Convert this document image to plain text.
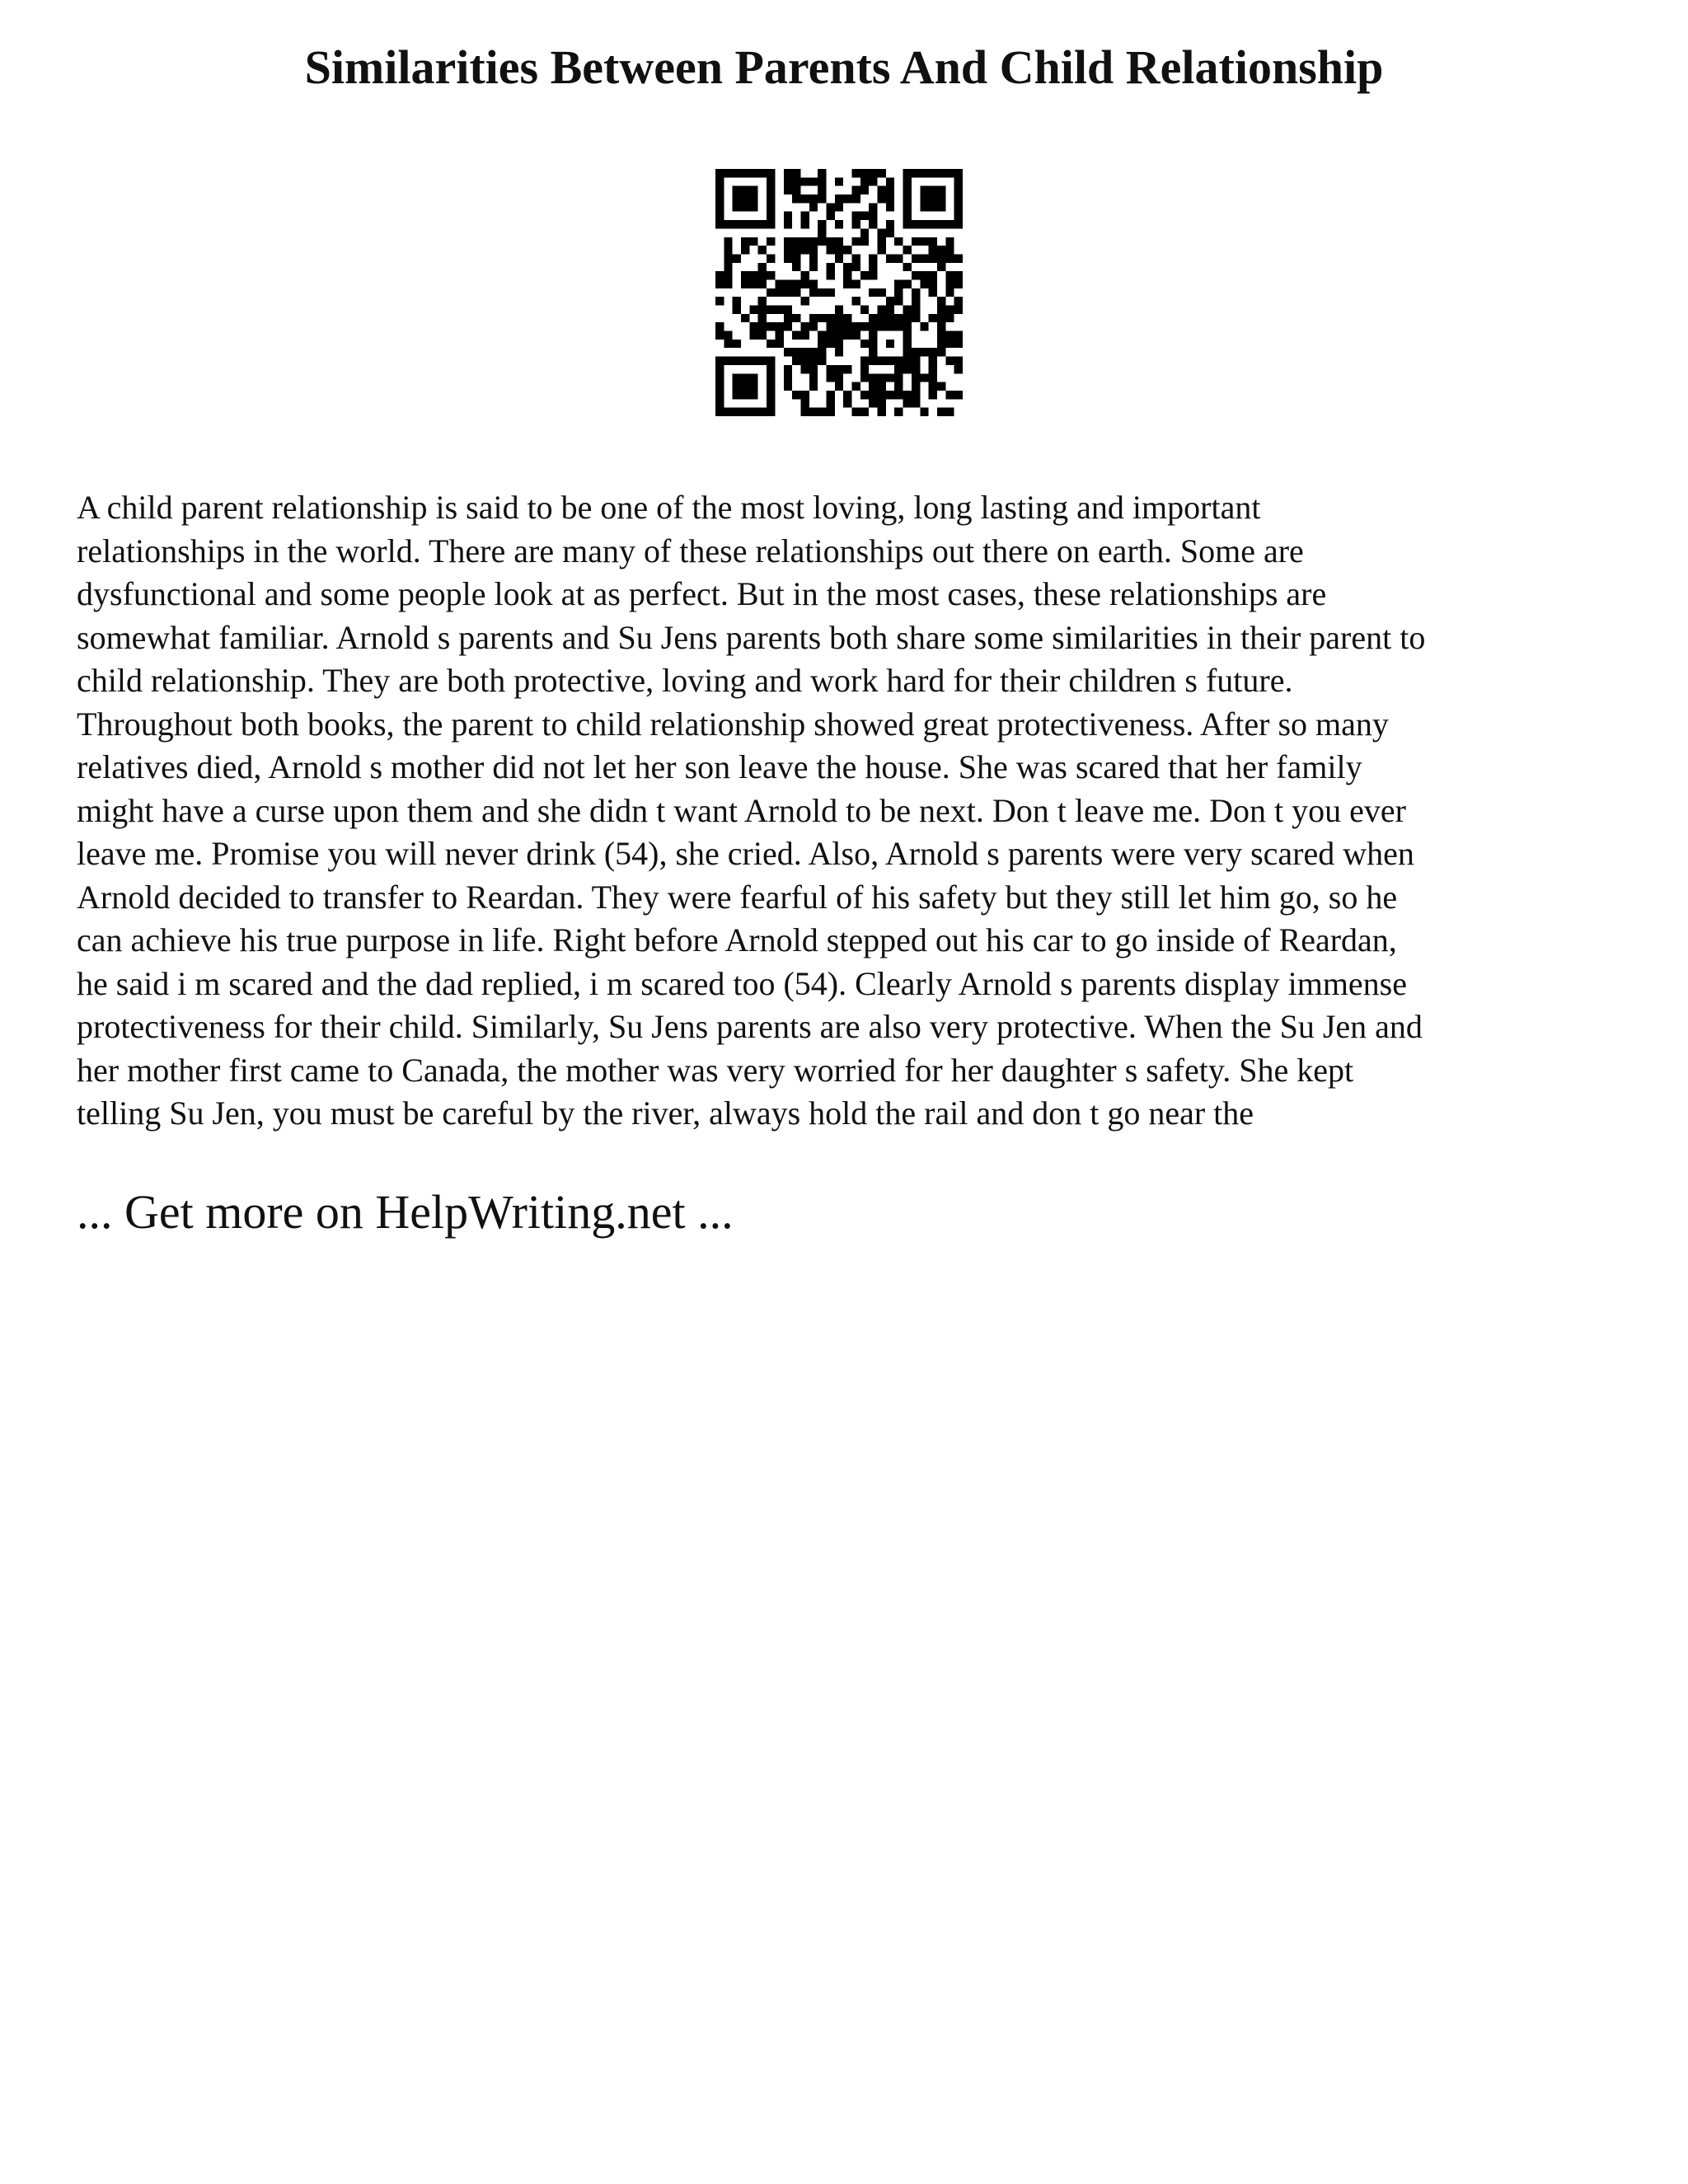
Similarities Between Parents And Child Relationship
A child parent relationship is said to be one of the most loving, long lasting and important
relationships in the world. There are many of these relationships out there on earth. Some are
dysfunctional and some people look at as perfect. But in the most cases, these relationships are
somewhat familiar. Arnold s parents and Su Jens parents both share some similarities in their parent to
child relationship. They are both protective, loving and work hard for their children s future.
Throughout both books, the parent to child relationship showed great protectiveness. After so many
relatives died, Arnold s mother did not let her son leave the house. She was scared that her family
might have a curse upon them and she didn t want Arnold to be next. Don t leave me. Don t you ever
leave me. Promise you will never drink (54), she cried. Also, Arnold s parents were very scared when
Arnold decided to transfer to Reardan. They were fearful of his safety but they still let him go, so he
can achieve his true purpose in life. Right before Arnold stepped out his car to go inside of Reardan,
he said i m scared and the dad replied, i m scared too (54). Clearly Arnold s parents display immense
protectiveness for their child. Similarly, Su Jens parents are also very protective. When the Su Jen and
her mother first came to Canada, the mother was very worried for her daughter s safety. She kept
telling Su Jen, you must be careful by the river, always hold the rail and don t go near the
... Get more on HelpWriting.net ...
